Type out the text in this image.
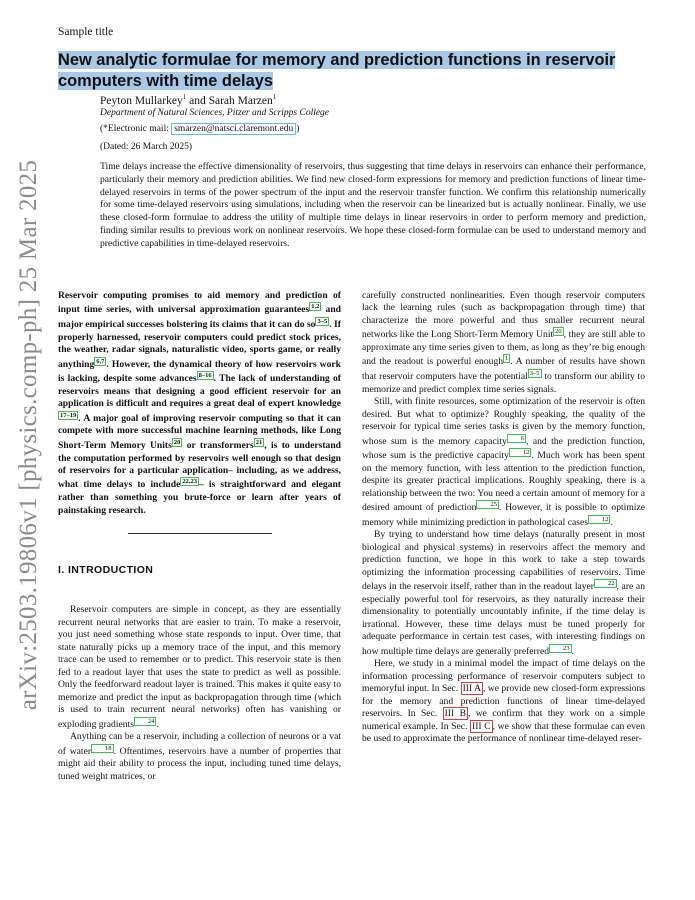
arXiv:2503.19806v1 [physics.comp-ph] 25 Mar 2025
Sample title
New analytic formulae for memory and prediction functions in reservoir computers with time delays
Peyton Mullarkey$^1$ and Sarah Marzen$^1$
Department of Natural Sciences, Pitzer and Scripps College
(*Electronic mail: smarzen@natsci.claremont.edu )
(Dated: 26 March 2025)

Time delays increase the effective dimensionality of reservoirs, thus suggesting that time delays in reservoirs can enhance their performance, particularly their memory and prediction abilities. We find new closed-form expressions for memory and prediction functions of linear time-delayed reservoirs in terms of the power spectrum of the input and the reservoir transfer function. We confirm this relationship numerically for some time-delayed reservoirs using simulations, including when the reservoir can be linearized but is actually nonlinear. Finally, we use these closed-form formulae to address the utility of multiple time delays in linear reservoirs in order to perform memory and prediction, finding similar results to previous work on nonlinear reservoirs. We hope these closed-form formulae can be used to understand memory and predictive capabilities in time-delayed reservoirs.

Reservoir computing promises to aid memory and prediction of input time series, with universal approximation guarantees 1,2 and major empirical successes bolstering its claims that it can do so 3–5 . If properly harnessed, reservoir computers could predict stock prices, the weather, radar signals, naturalistic video, sports game, or really anything 6,7 . However, the dynamical theory of how reservoirs work is lacking, despite some advances 8–16 . The lack of understanding of reservoirs means that designing a good efficient reservoir for an application is difficult and requires a great deal of expert knowledge17–19 . A major goal of improving reservoir computing so that it can compete with more successful machine learning methods, like Long Short-Term Memory Units 20 or transformers 21 , is to understand the computation performed by reservoirs well enough so that design of reservoirs for a particular application– including, as we address, what time delays to include 22,23 – is straightforward and elegant rather than something you brute-force or learn after years of painstaking research.

I. INTRODUCTION

Reservoir computers are simple in concept, as they are essentially recurrent neural networks that are easier to train. To make a reservoir, you just need something whose state responds to input. Over time, that state naturally picks up a memory trace of the input, and this memory trace can be used to remember or to predict. This reservoir state is then fed to a readout layer that uses the state to predict as well as possible. Only the feedforward readout layer is trained. This makes it quite easy to memorize and predict the input as backpropagation through time (which is used to train recurrent neural networks) often has vanishing or exploding gradients 24 .

Anything can be a reservoir, including a collection of neurons or a vat of water 18 . Oftentimes, reservoirs have a number of properties that might aid their ability to process the input, including tuned time delays, tuned weight matrices, or

carefully constructed nonlinearities. Even though reservoir computers lack the learning rules (such as backpropagation through time) that characterize the more powerful and thus smaller recurrent neural networks like the Long Short-Term Memory Unit 20 , they are still able to approximate any time series given to them, as long as they’re big enough and the readout is powerful enough 1 . A number of results have shown that reservoir computers have the potential 3–5 to transform our ability to memorize and predict complex time series signals.

Still, with finite resources, some optimization of the reservoir is often desired. But what to optimize? Roughly speaking, the quality of the reservoir for typical time series tasks is given by the memory function, whose sum is the memory capacity 6 , and the prediction function, whose sum is the predictive capacity 12 . Much work has been spent on the memory function, with less attention to the prediction function, despite its greater practical implications. Roughly speaking, there is a relationship between the two: You need a certain amount of memory for a desired amount of prediction 25 . However, it is possible to optimize memory while minimizing prediction in pathological cases 12 .

By trying to understand how time delays (naturally present in most biological and physical systems) in reservoirs affect the memory and prediction function, we hope in this work to take a step towards optimizing the information processing capabilities of reservoirs. Time delays in the reservoir itself, rather than in the readout layer 22 , are an especially powerful tool for reservoirs, as they naturally increase their dimensionality to potentially uncountably infinite, if the time delay is irrational. However, these time delays must be tuned properly for adequate performance in certain test cases, with interesting findings on how multiple time delays are generally preferred 23 .

Here, we study in a minimal model the impact of time delays on the information processing performance of reservoir computers subject to memoryful input. In Sec. III A , we provide new closed-form expressions for the memory and prediction functions of linear time-delayed reservoirs. In Sec. III B , we confirm that they work on a simple numerical example. In Sec. III C , we show that these formulae can even be used to approximate the performance of nonlinear time-delayed reser-
